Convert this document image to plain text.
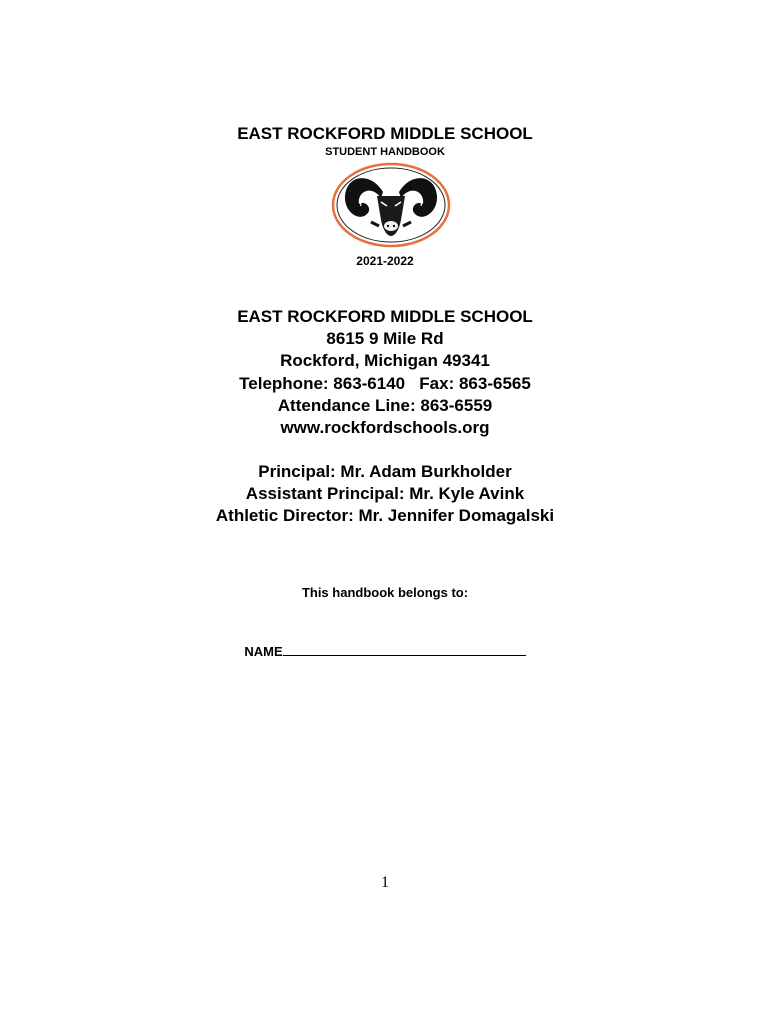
EAST ROCKFORD MIDDLE SCHOOL
STUDENT HANDBOOK
2021-2022
EAST ROCKFORD MIDDLE SCHOOL
8615 9 Mile Rd
Rockford, Michigan 49341
Telephone: 863-6140   Fax: 863-6565
Attendance Line: 863-6559
www.rockfordschools.org
Principal: Mr. Adam Burkholder
Assistant Principal: Mr. Kyle Avink
Athletic Director: Mr. Jennifer Domagalski
This handbook belongs to:
NAME
1
